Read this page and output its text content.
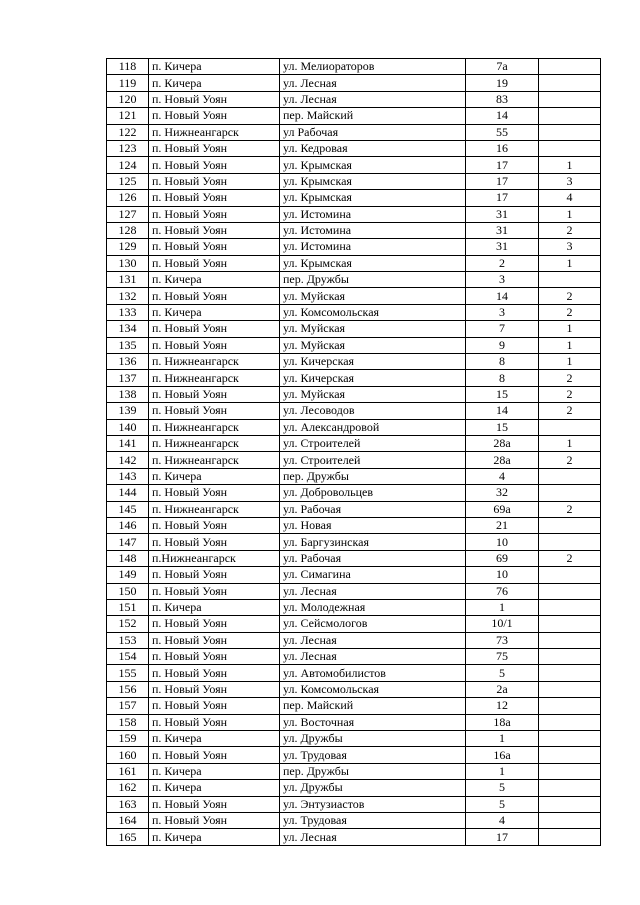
118	п. Кичера	ул. Мелиораторов	7а	
119	п. Кичера	ул. Лесная	19	
120	п. Новый Уоян	ул. Лесная	83	
121	п. Новый Уоян	пер. Майский	14	
122	п. Нижнеангарск	ул Рабочая	55	
123	п. Новый Уоян	ул. Кедровая	16	
124	п. Новый Уоян	ул. Крымская	17	1
125	п. Новый Уоян	ул. Крымская	17	3
126	п. Новый Уоян	ул. Крымская	17	4
127	п. Новый Уоян	ул. Истомина	31	1
128	п. Новый Уоян	ул. Истомина	31	2
129	п. Новый Уоян	ул. Истомина	31	3
130	п. Новый Уоян	ул. Крымская	2	1
131	п. Кичера	пер. Дружбы	3	
132	п. Новый Уоян	ул. Муйская	14	2
133	п. Кичера	ул. Комсомольская	3	2
134	п. Новый Уоян	ул. Муйская	7	1
135	п. Новый Уоян	ул. Муйская	9	1
136	п. Нижнеангарск	ул. Кичерская	8	1
137	п. Нижнеангарск	ул. Кичерская	8	2
138	п. Новый Уоян	ул. Муйская	15	2
139	п. Новый Уоян	ул. Лесоводов	14	2
140	п. Нижнеангарск	ул. Александровой	15	
141	п. Нижнеангарск	ул. Строителей	28а	1
142	п. Нижнеангарск	ул. Строителей	28а	2
143	п. Кичера	пер. Дружбы	4	
144	п. Новый Уоян	ул. Добровольцев	32	
145	п. Нижнеангарск	ул. Рабочая	69а	2
146	п. Новый Уоян	ул. Новая	21	
147	п. Новый Уоян	ул. Баргузинская	10	
148	п.Нижнеангарск	ул. Рабочая	69	2
149	п. Новый Уоян	ул. Симагина	10	
150	п. Новый Уоян	ул. Лесная	76	
151	п. Кичера	ул. Молодежная	1	
152	п. Новый Уоян	ул. Сейсмологов	10/1	
153	п. Новый Уоян	ул. Лесная	73	
154	п. Новый Уоян	ул. Лесная	75	
155	п. Новый Уоян	ул. Автомобилистов	5	
156	п. Новый Уоян	ул. Комсомольская	2а	
157	п. Новый Уоян	пер. Майский	12	
158	п. Новый Уоян	ул. Восточная	18а	
159	п. Кичера	ул. Дружбы	1	
160	п. Новый Уоян	ул. Трудовая	16а	
161	п. Кичера	пер. Дружбы	1	
162	п. Кичера	ул. Дружбы	5	
163	п. Новый Уоян	ул. Энтузиастов	5	
164	п. Новый Уоян	ул. Трудовая	4	
165	п. Кичера	ул. Лесная	17	
